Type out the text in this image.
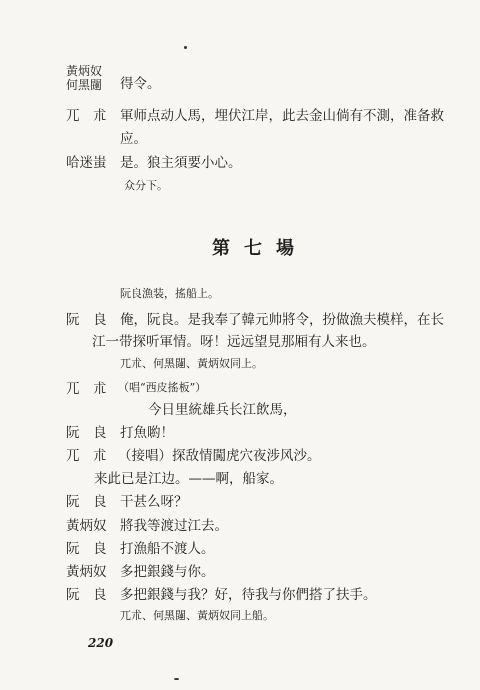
黃炳奴
何黑闥 得令。
兀　朮 軍师点动人馬，埋伏江岸，此去金山倘有不測，准备救
应。
哈迷蚩 是。狼主須要小心。
众分下。
第七場
阮良漁装，搖船上。
阮　良 俺，阮良。是我奉了韓元帅將令，扮做漁夫模样，在长
江一带探听軍情。呀！远远望見那厢有人来也。
兀朮、何黑闥、黃炳奴同上。
兀　朮 （唱“西皮搖板”）
今日里統雄兵长江飲馬，
阮　良 打魚喲！
兀　朮 （接唱）探敌情闖虎穴夜涉风沙。
来此已是江边。——啊，船家。
阮　良 干甚么呀？
黃炳奴 將我等渡过江去。
阮　良 打漁船不渡人。
黃炳奴 多把銀錢与你。
阮　良 多把銀錢与我？好，待我与你們搭了扶手。
兀朮、何黑闥、黃炳奴同上船。
220
